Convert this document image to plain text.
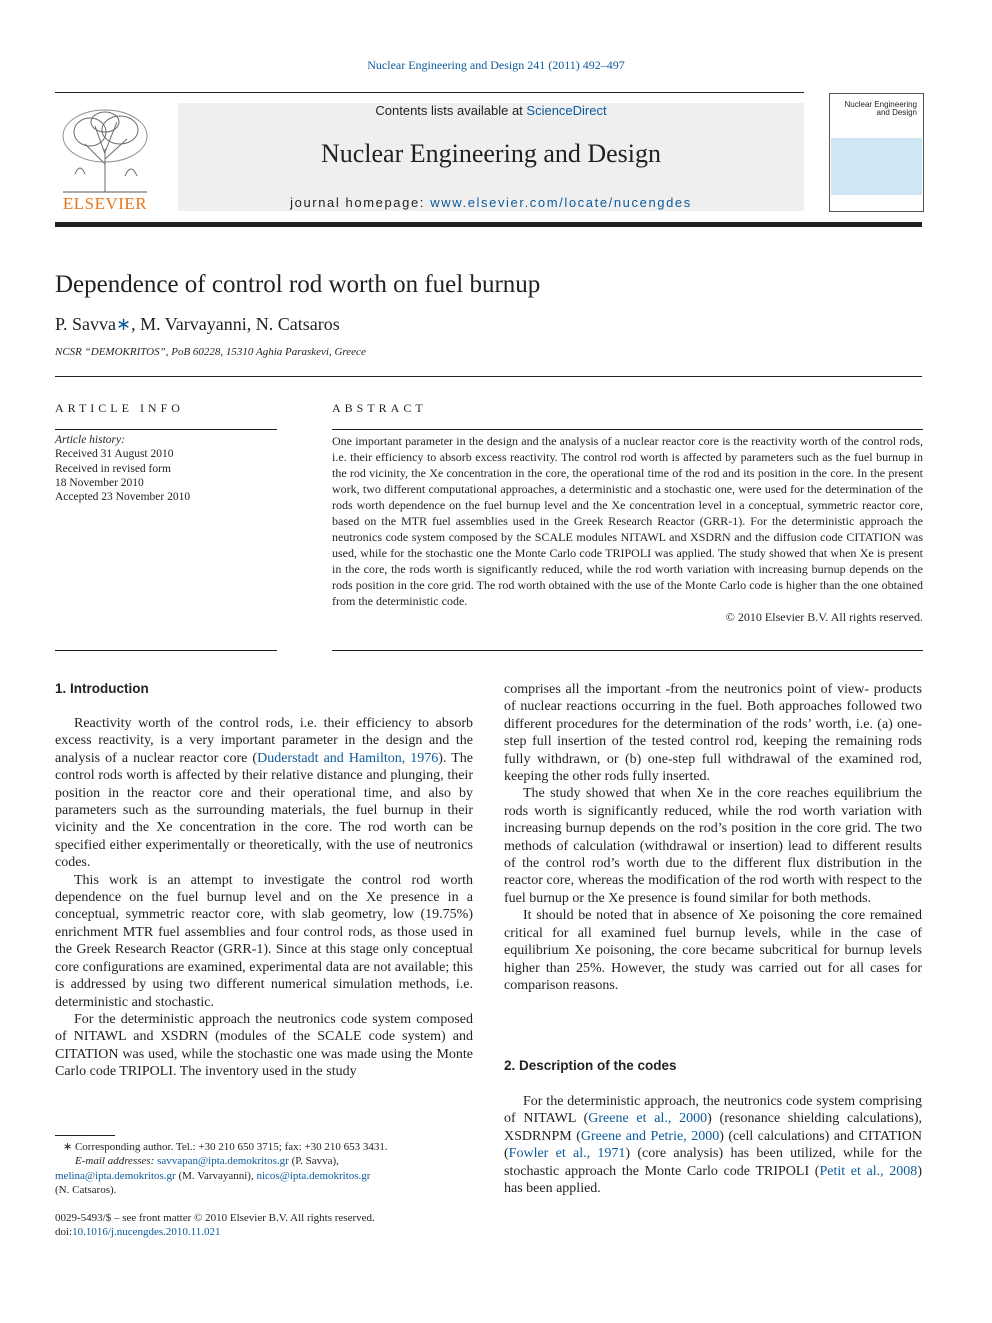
Nuclear Engineering and Design 241 (2011) 492–497
ELSEVIER
Contents lists available at ScienceDirect
Nuclear Engineering and Design
journal homepage: www.elsevier.com/locate/nucengdes
Nuclear Engineering
and Design
Dependence of control rod worth on fuel burnup
P. Savva∗, M. Varvayanni, N. Catsaros
NCSR “DEMOKRITOS”, PoB 60228, 15310 Aghia Paraskevi, Greece
ARTICLE INFO
Article history:
Received 31 August 2010
Received in revised form
18 November 2010
Accepted 23 November 2010
ABSTRACT
One important parameter in the design and the analysis of a nuclear reactor core is the reactivity worth of the control rods, i.e. their efficiency to absorb excess reactivity. The control rod worth is affected by parameters such as the fuel burnup in the rod vicinity, the Xe concentration in the core, the operational time of the rod and its position in the core. In the present work, two different computational approaches, a deterministic and a stochastic one, were used for the determination of the rods worth dependence on the fuel burnup level and the Xe concentration level in a conceptual, symmetric reactor core, based on the MTR fuel assemblies used in the Greek Research Reactor (GRR-1). For the deterministic approach the neutronics code system composed by the SCALE modules NITAWL and XSDRN and the diffusion code CITATION was used, while for the stochastic one the Monte Carlo code TRIPOLI was applied. The study showed that when Xe is present in the core, the rods worth is significantly reduced, while the rod worth variation with increasing burnup depends on the rods position in the core grid. The rod worth obtained with the use of the Monte Carlo code is higher than the one obtained from the deterministic code.
© 2010 Elsevier B.V. All rights reserved.
1. Introduction

Reactivity worth of the control rods, i.e. their efficiency to absorb excess reactivity, is a very important parameter in the design and the analysis of a nuclear reactor core (Duderstadt and Hamilton, 1976). The control rods worth is affected by their relative distance and plunging, their position in the reactor core and their operational time, and also by parameters such as the surrounding materials, the fuel burnup in their vicinity and the Xe concentration in the core. The rod worth can be specified either experimentally or theoretically, with the use of neutronics codes.

This work is an attempt to investigate the control rod worth dependence on the fuel burnup level and on the Xe presence in a conceptual, symmetric reactor core, with slab geometry, low (19.75%) enrichment MTR fuel assemblies and four control rods, as those used in the Greek Research Reactor (GRR-1). Since at this stage only conceptual core configurations are examined, experimental data are not available; this is addressed by using two different numerical simulation methods, i.e. deterministic and stochastic.

For the deterministic approach the neutronics code system composed of NITAWL and XSDRN (modules of the SCALE code system) and CITATION was used, while the stochastic one was made using the Monte Carlo code TRIPOLI. The inventory used in the study

∗ Corresponding author. Tel.: +30 210 650 3715; fax: +30 210 653 3431.
E-mail addresses: savvapan@ipta.demokritos.gr (P. Savva),
melina@ipta.demokritos.gr (M. Varvayanni), nicos@ipta.demokritos.gr
(N. Catsaros).
0029-5493/$ – see front matter © 2010 Elsevier B.V. All rights reserved.
doi:10.1016/j.nucengdes.2010.11.021

comprises all the important -from the neutronics point of view- products of nuclear reactions occurring in the fuel. Both approaches followed two different procedures for the determination of the rods’ worth, i.e. (a) one-step full insertion of the tested control rod, keeping the remaining rods fully withdrawn, or (b) one-step full withdrawal of the examined rod, keeping the other rods fully inserted.

The study showed that when Xe in the core reaches equilibrium the rods worth is significantly reduced, while the rod worth variation with increasing burnup depends on the rod’s position in the core grid. The two methods of calculation (withdrawal or insertion) lead to different results of the control rod’s worth due to the different flux distribution in the reactor core, whereas the modification of the rod worth with respect to the fuel burnup or the Xe presence is found similar for both methods.

It should be noted that in absence of Xe poisoning the core remained critical for all examined fuel burnup levels, while in the case of equilibrium Xe poisoning, the core became subcritical for burnup levels higher than 25%. However, the study was carried out for all cases for comparison reasons.

2. Description of the codes

For the deterministic approach, the neutronics code system comprising of NITAWL (Greene et al., 2000) (resonance shielding calculations), XSDRNPM (Greene and Petrie, 2000) (cell calculations) and CITATION (Fowler et al., 1971) (core analysis) has been utilized, while for the stochastic approach the Monte Carlo code TRIPOLI (Petit et al., 2008) has been applied.
